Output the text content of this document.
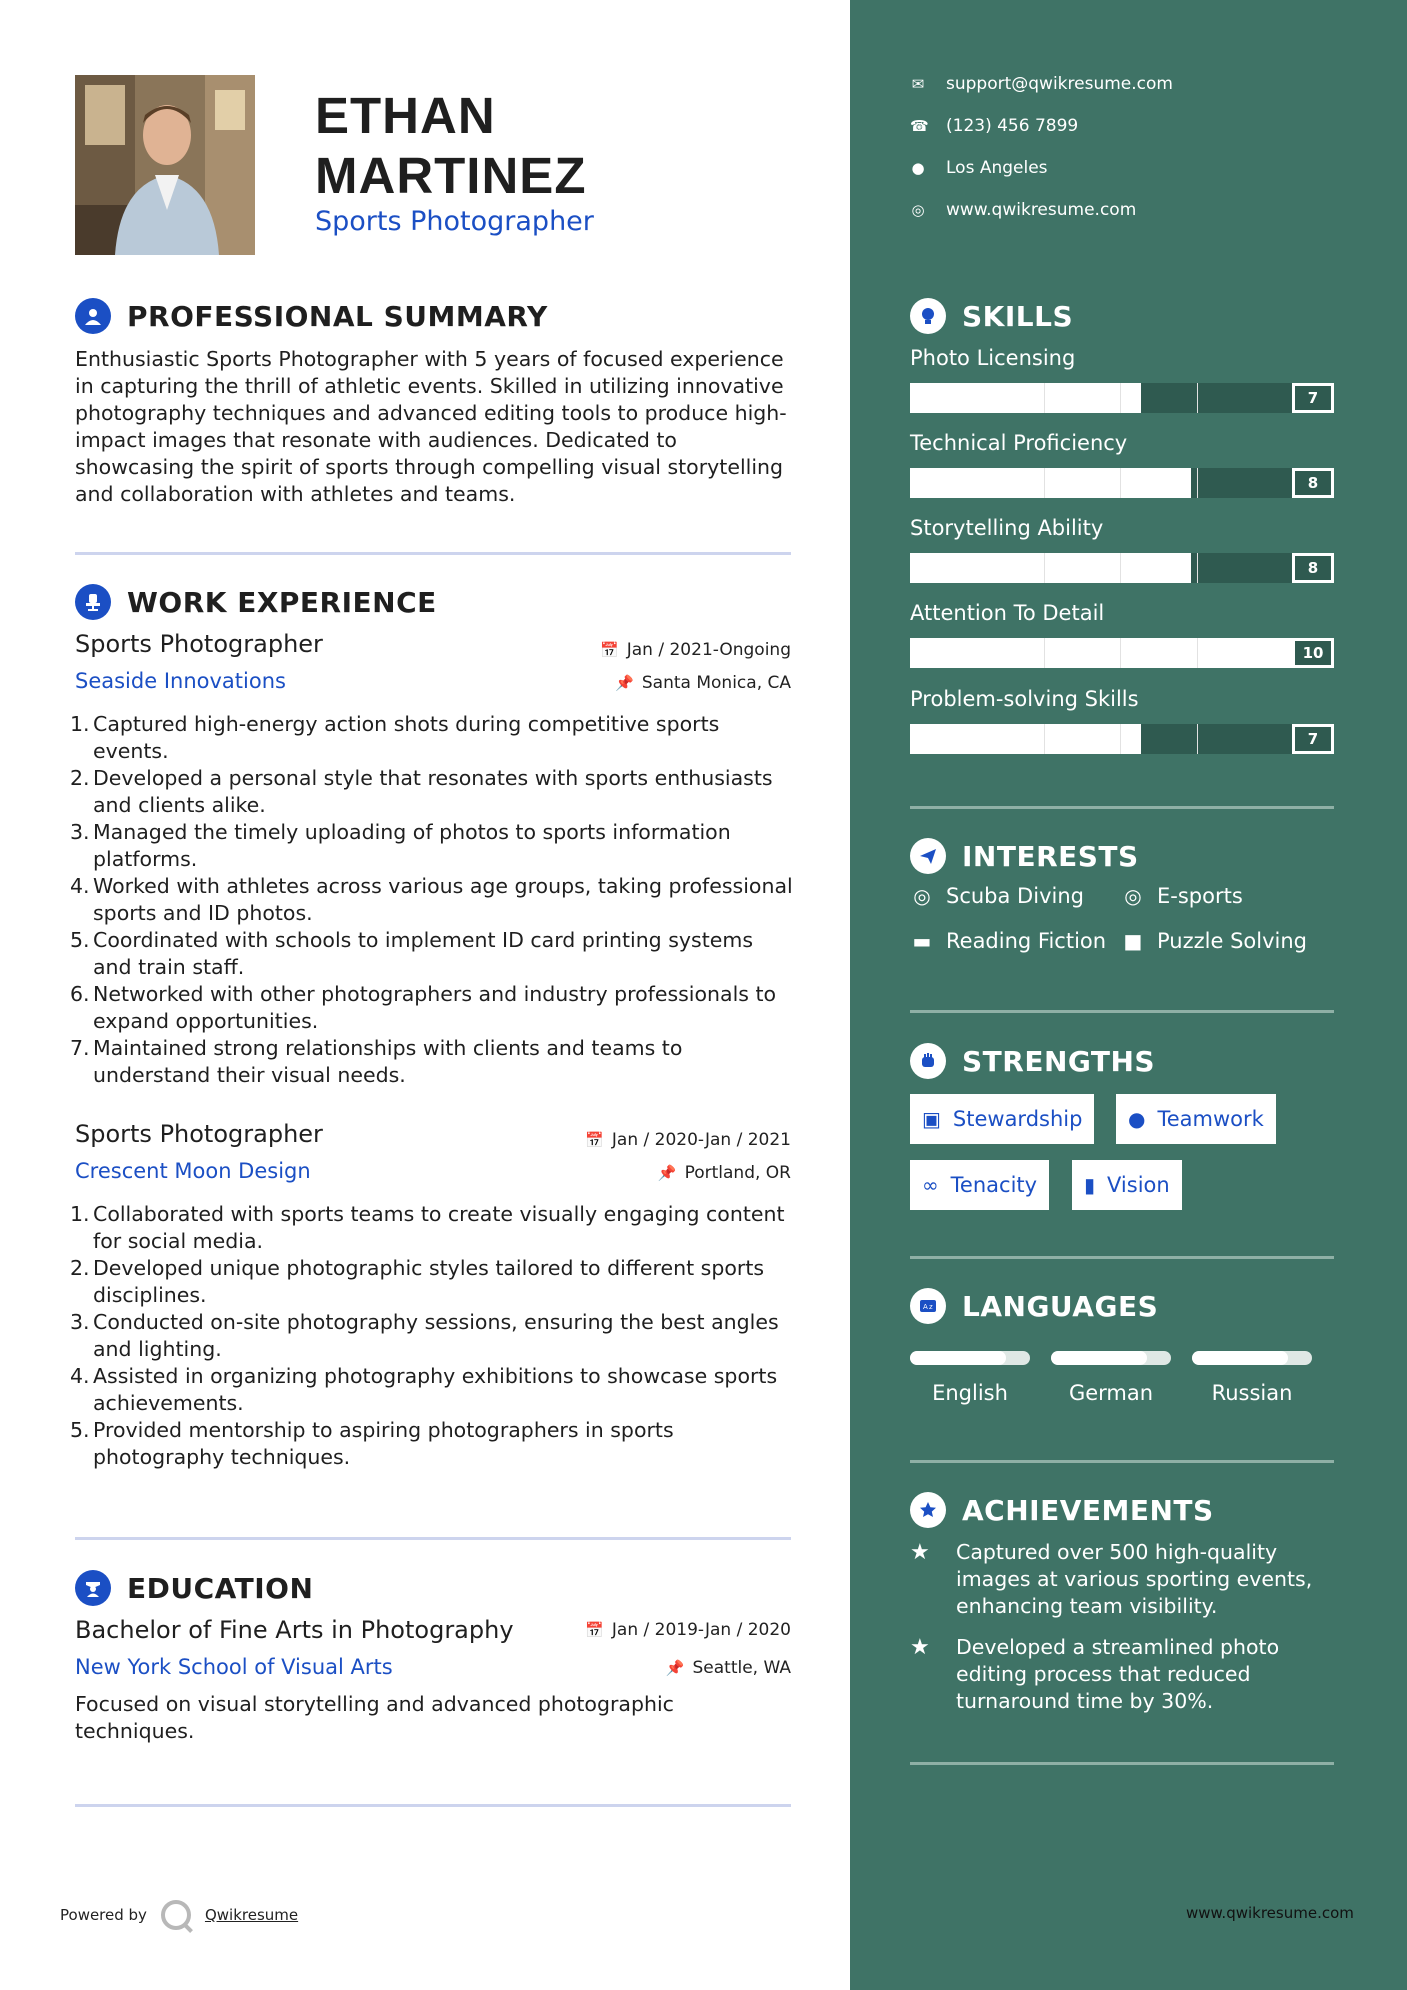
ETHAN
MARTINEZ
Sports Photographer
PROFESSIONAL SUMMARY
Enthusiastic Sports Photographer with 5 years of focused experience in capturing the thrill of athletic events. Skilled in utilizing innovative photography techniques and advanced editing tools to produce high-impact images that resonate with audiences. Dedicated to showcasing the spirit of sports through compelling visual storytelling and collaboration with athletes and teams.
WORK EXPERIENCE
Sports Photographer	📅 Jan / 2021-Ongoing
Seaside Innovations	📌 Santa Monica, CA
1. Captured high-energy action shots during competitive sports events.
2. Developed a personal style that resonates with sports enthusiasts and clients alike.
3. Managed the timely uploading of photos to sports information platforms.
4. Worked with athletes across various age groups, taking professional sports and ID photos.
5. Coordinated with schools to implement ID card printing systems and train staff.
6. Networked with other photographers and industry professionals to expand opportunities.
7. Maintained strong relationships with clients and teams to understand their visual needs.
Sports Photographer	📅 Jan / 2020-Jan / 2021
Crescent Moon Design	📌 Portland, OR
1. Collaborated with sports teams to create visually engaging content for social media.
2. Developed unique photographic styles tailored to different sports disciplines.
3. Conducted on-site photography sessions, ensuring the best angles and lighting.
4. Assisted in organizing photography exhibitions to showcase sports achievements.
5. Provided mentorship to aspiring photographers in sports photography techniques.
EDUCATION
Bachelor of Fine Arts in Photography	📅 Jan / 2019-Jan / 2020
New York School of Visual Arts	📌 Seattle, WA
Focused on visual storytelling and advanced photographic techniques.
Powered by	Qwikresume
✉ support@qwikresume.com
☎ (123) 456 7899
● Los Angeles
◎ www.qwikresume.com
SKILLS
Photo Licensing
7
Technical Proficiency
8
Storytelling Ability
8
Attention To Detail
10
Problem-solving Skills
7
INTERESTS
◎ Scuba Diving ◎ E-sports
▬ Reading Fiction ■ Puzzle Solving
STRENGTHS
▣ Stewardship ● Teamwork
∞ Tenacity ▮ Vision
A z LANGUAGES
English	German	Russian
ACHIEVEMENTS
★	Captured over 500 high-quality images at various sporting events, enhancing team visibility.
★	Developed a streamlined photo editing process that reduced turnaround time by 30%.
www.qwikresume.com
